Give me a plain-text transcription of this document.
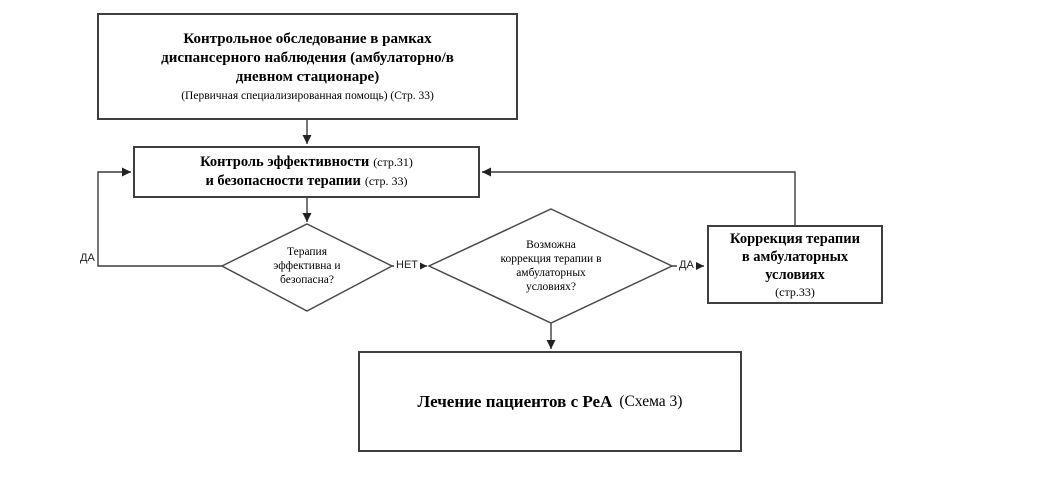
Контрольное обследование в рамках
диспансерного наблюдения (амбулаторно/в
дневном стационаре)
(Первичная специализированная помощь) (Стр. 33)
Контроль эффективности (стр.31)
и безопасности терапии (стр. 33)
Терапия
эффективна и
безопасна?
Возможна
коррекция терапии в
амбулаторных
условиях?
Коррекция терапии
в амбулаторных
условиях
(стр.33)
Лечение пациентов с РеА (Схема 3)
ДА
НЕТ	ДА
